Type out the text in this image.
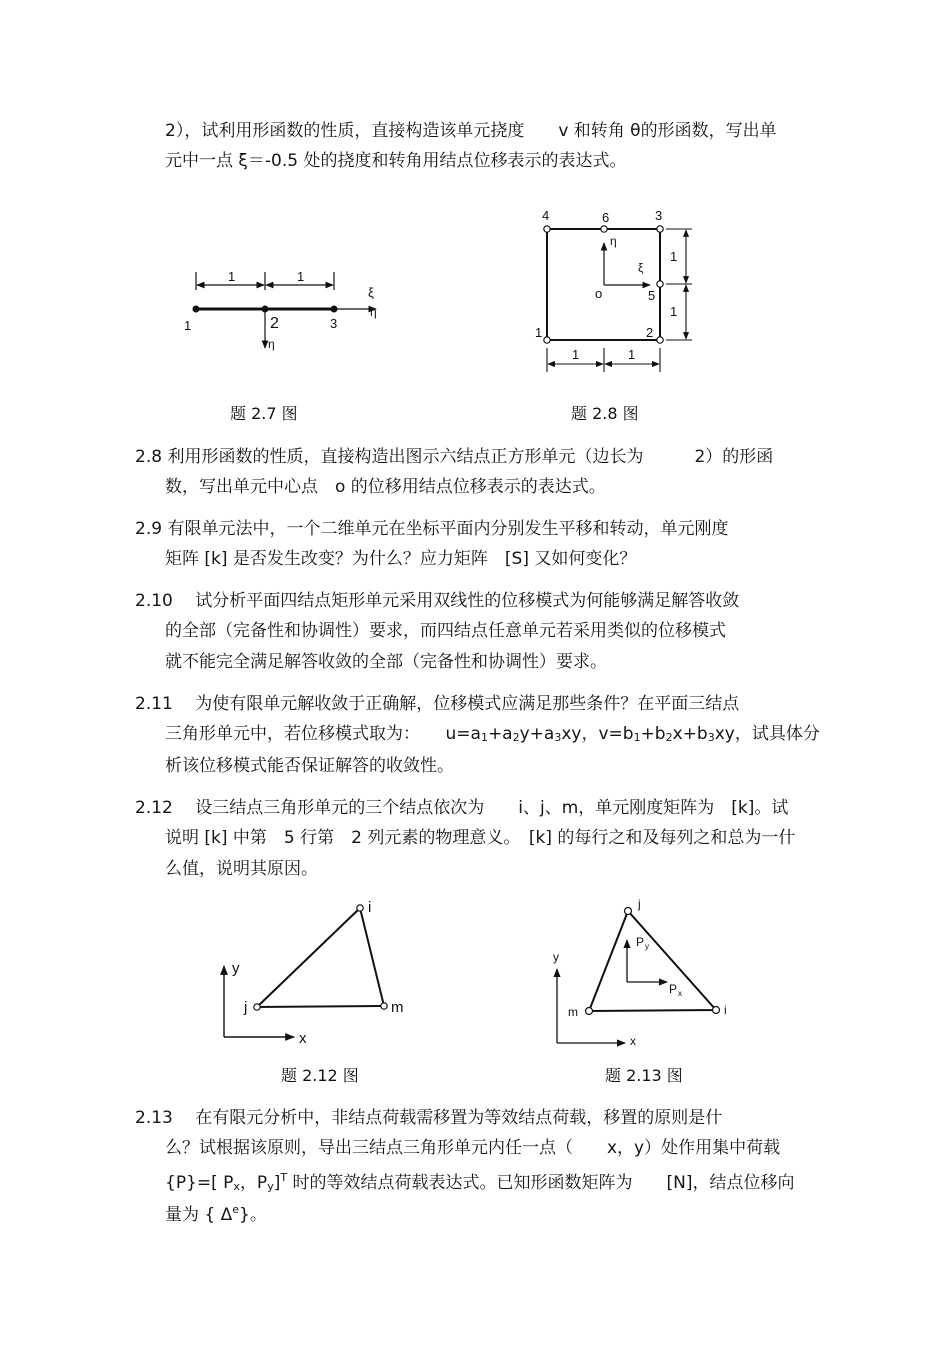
2），试利用形函数的性质，直接构造该单元挠度　　v 和转角 θ的形函数，写出单
元中一点 ξ＝-0.5 处的挠度和转角用结点位移表示的表达式。
1	1
1	2	3
ξ
η
η
4	6	3
5
1	2
η
ξ
o
1	1
1
1
i
j	m
y
x
j
m	i
P y
P x
y
x
题 2.7 图	题 2.8 图
2.8 利用形函数的性质，直接构造出图示六结点正方形单元（边长为　　　2）的形函
数，写出单元中心点　o 的位移用结点位移表示的表达式。
2.9 有限单元法中，一个二维单元在坐标平面内分别发生平移和转动，单元刚度
矩阵 [k] 是否发生改变？为什么？应力矩阵　[S] 又如何变化？
2.10　 试分析平面四结点矩形单元采用双线性的位移模式为何能够满足解答收敛
的全部（完备性和协调性）要求，而四结点任意单元若采用类似的位移模式
就不能完全满足解答收敛的全部（完备性和协调性）要求。
2.11　 为使有限单元解收敛于正确解，位移模式应满足那些条件？在平面三结点
三角形单元中，若位移模式取为：　　u=a1+a2y+a3xy，v=b1+b2x+b3xy，试具体分
析该位移模式能否保证解答的收敛性。
2.12　 设三结点三角形单元的三个结点依次为　　i、j、m，单元刚度矩阵为　[k]。试
说明 [k] 中第　5 行第　2 列元素的物理意义。　[k] 的每行之和及每列之和总为一什
么值，说明其原因。
题 2.12 图	题 2.13 图
2.13　 在有限元分析中，非结点荷载需移置为等效结点荷载，移置的原则是什
么？试根据该原则，导出三结点三角形单元内任一点（　　x，y）处作用集中荷载
{P}=[ Px，Py]$^T$ 时的等效结点荷载表达式。已知形函数矩阵为　　[N]，结点位移向
量为 { $\Delta^e$}。
